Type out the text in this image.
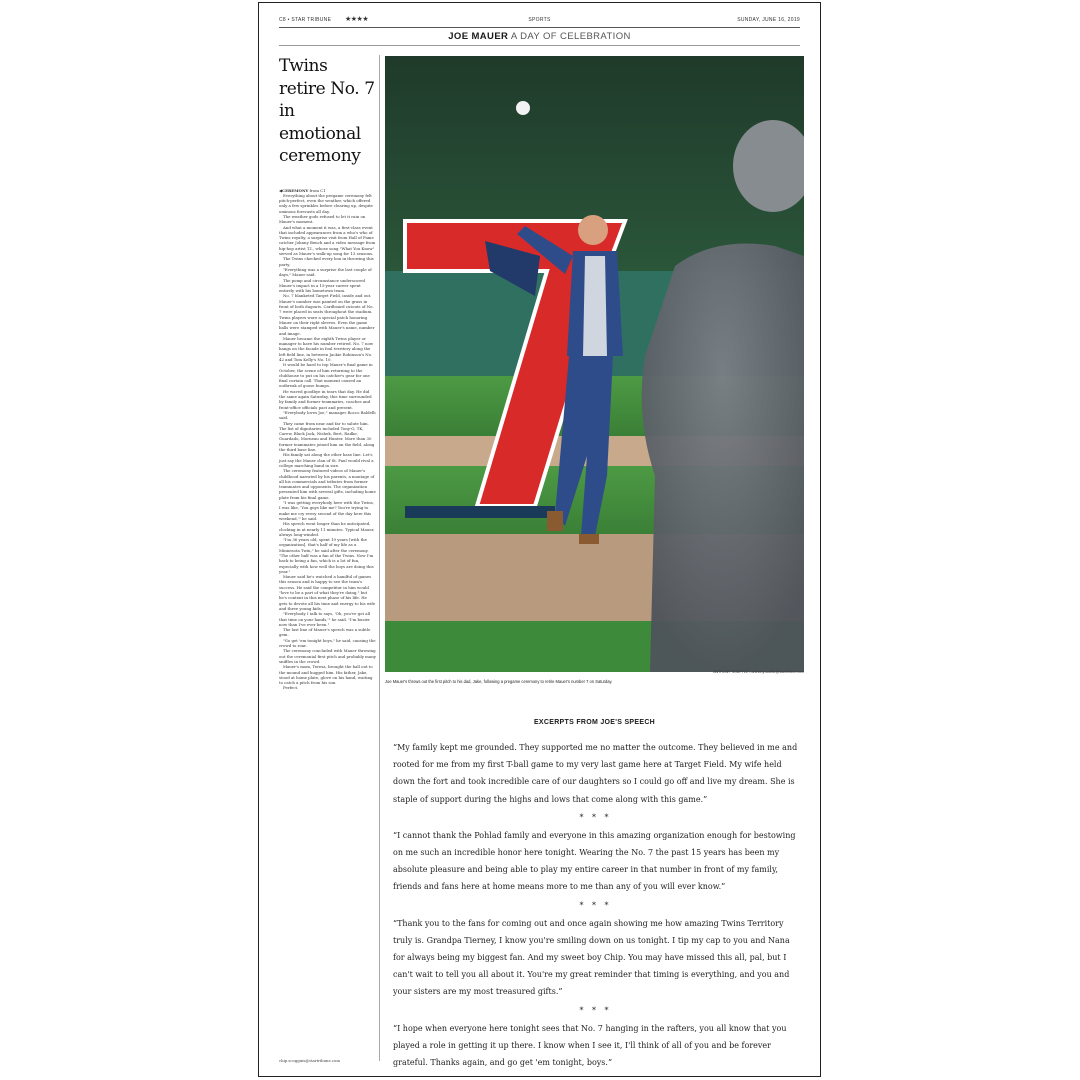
C8 • STAR TRIBUNE ★★★★	SPORTS	SUNDAY, JUNE 16, 2019
JOE MAUER A DAY OF CELEBRATION
Twins retire No. 7 in emotional ceremony

◀CEREMONY from C1

Everything about the pregame ceremony felt pitch-perfect, even the weather, which offered only a few sprinkles before clearing up, despite ominous forecasts all day.

The weather gods refused to let it rain on Mauer's moment.

And what a moment it was, a first-class event that included appearances from a who's who of Twins royalty, a surprise visit from Hall of Fame catcher Johnny Bench and a video message from hip-hop artist T.I., whose song "What You Know" served as Mauer's walk-up song for 13 seasons.

The Twins checked every box in throwing this party.

"Everything was a surprise the last couple of days," Mauer said.

The pomp and circumstance underscored Mauer's impact in a 15-year career spent entirely with his hometown team.

No. 7 blanketed Target Field, inside and out. Mauer's number was painted on the grass in front of both dugouts. Cardboard cutouts of No. 7 were placed in seats throughout the stadium. Twins players wore a special patch honoring Mauer on their right sleeves. Even the game balls were stamped with Mauer's name, number and image.

Mauer became the eighth Twins player or manager to have his number retired. No. 7 now hangs on the facade in foul territory along the left field line, in between Jackie Robinson's No. 42 and Tom Kelly's No. 10.

It would be hard to top Mauer's final game in October, the scene of him returning to the clubhouse to put on his catcher's gear for one final curtain call. That moment caused an outbreak of goose bumps.

He waved goodbye in tears that day. He did the same again Saturday, this time surrounded by family and former teammates, coaches and front-office officials past and present.

"Everybody loves Joe," manager Rocco Baldelli said.

They came from near and far to salute him. The list of dignitaries included Tony-O, TK, Carew, Black Jack, Nishek, Bert, Radke, Guardado, Morneau and Hunter. More than 30 former teammates joined him on the field, along the third base line.

His family sat along the other base line. Let's just say the Mauer clan of St. Paul would rival a college marching band in size.

The ceremony featured videos of Mauer's childhood narrated by his parents, a montage of all his commercials and tributes from former teammates and opponents. The organization presented him with several gifts, including home plate from his final game.

"I was getting everybody here with the Twins, I was like, 'You guys like me? You're trying to make me cry every second of the day here this weekend,'" he said.

His speech went longer than he anticipated, clocking in at nearly 11 minutes. Typical Mauer, always long-winded.

"I'm 36 years old, spent 19 years [with the organization], that's half of my life as a Minnesota Twin," he said after the ceremony. "The other half was a fan of the Twins. Now I'm back to being a fan, which is a lot of fun, especially with how well the boys are doing this year."

Mauer said he's watched a handful of games this season and is happy to see the team's success. He said the competitor in him would "love to be a part of what they're doing," but he's content in this next phase of his life. He gets to devote all his time and energy to his wife and three young kids.

"Everybody I talk to says, 'Oh, you've got all that time on your hands,'" he said. "I'm busier now than I've ever been."

The last line of Mauer's speech was a subtle gem.

"Go get 'em tonight boys," he said, causing the crowd to roar.

The ceremony concluded with Mauer throwing out the ceremonial first pitch and probably many sniffles in the crowd.

Mauer's mom, Teresa, brought the ball out to the mound and hugged him. His father, Jake, stood at home plate, glove on his hand, waiting to catch a pitch from his son.

Perfect.

chip.scoggins@startribune.com
ANTHONY SOUFFLE • anthony.souffle@startribune.com
Joe Mauer's throws out the first pitch to his dad, Jake, following a pregame ceremony to retire Mauer's number 7 on Saturday.
EXCERPTS FROM JOE'S SPEECH

“My family kept me grounded. They supported me no matter the outcome. They believed in me and rooted for me from my first T-ball game to my very last game here at Target Field. My wife held down the fort and took incredible care of our daughters so I could go off and live my dream. She is staple of support during the highs and lows that come along with this game.”

* * *

“I cannot thank the Pohlad family and everyone in this amazing organization enough for bestowing on me such an incredible honor here tonight. Wearing the No. 7 the past 15 years has been my absolute pleasure and being able to play my entire career in that number in front of my family, friends and fans here at home means more to me than any of you will ever know.”

* * *

“Thank you to the fans for coming out and once again showing me how amazing Twins Territory truly is. Grandpa Tierney, I know you're smiling down on us tonight. I tip my cap to you and Nana for always being my biggest fan. And my sweet boy Chip. You may have missed this all, pal, but I can't wait to tell you all about it. You're my great reminder that timing is everything, and you and your sisters are my most treasured gifts.”

* * *

“I hope when everyone here tonight sees that No. 7 hanging in the rafters, you all know that you played a role in getting it up there. I know when I see it, I'll think of all of you and be forever grateful. Thanks again, and go get 'em tonight, boys.”
